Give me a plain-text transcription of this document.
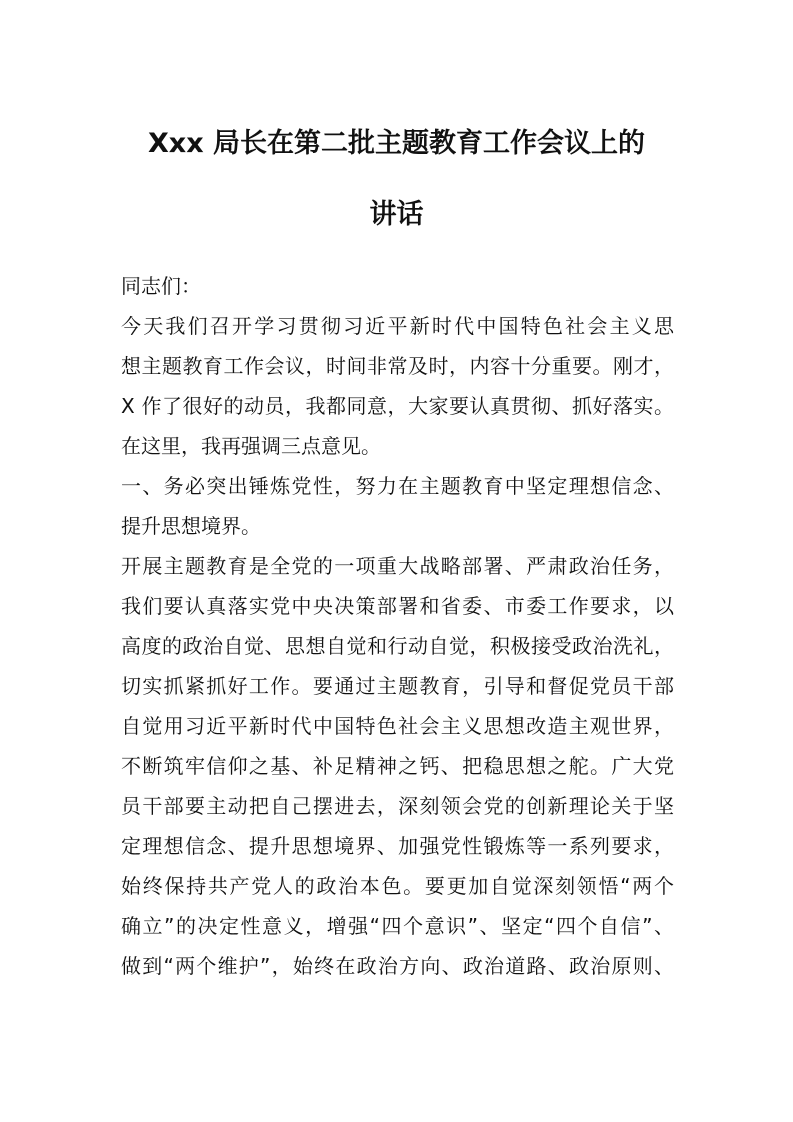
Xxx 局长在第二批主题教育工作会议上的
讲话
同志们：
今天我们召开学习贯彻习近平新时代中国特色社会主义思
想主题教育工作会议，时间非常及时，内容十分重要。刚才，
X 作了很好的动员，我都同意，大家要认真贯彻、抓好落实。
在这里，我再强调三点意见。
一、务必突出锤炼党性，努力在主题教育中坚定理想信念、
提升思想境界。
开展主题教育是全党的一项重大战略部署、严肃政治任务，
我们要认真落实党中央决策部署和省委、市委工作要求，以
高度的政治自觉、思想自觉和行动自觉，积极接受政治洗礼，
切实抓紧抓好工作。要通过主题教育，引导和督促党员干部
自觉用习近平新时代中国特色社会主义思想改造主观世界，
不断筑牢信仰之基、补足精神之钙、把稳思想之舵。广大党
员干部要主动把自己摆进去，深刻领会党的创新理论关于坚
定理想信念、提升思想境界、加强党性锻炼等一系列要求，
始终保持共产党人的政治本色。要更加自觉深刻领悟“两个
确立”的决定性意义，增强“四个意识”、坚定“四个自信”、
做到“两个维护”，始终在政治方向、政治道路、政治原则、
